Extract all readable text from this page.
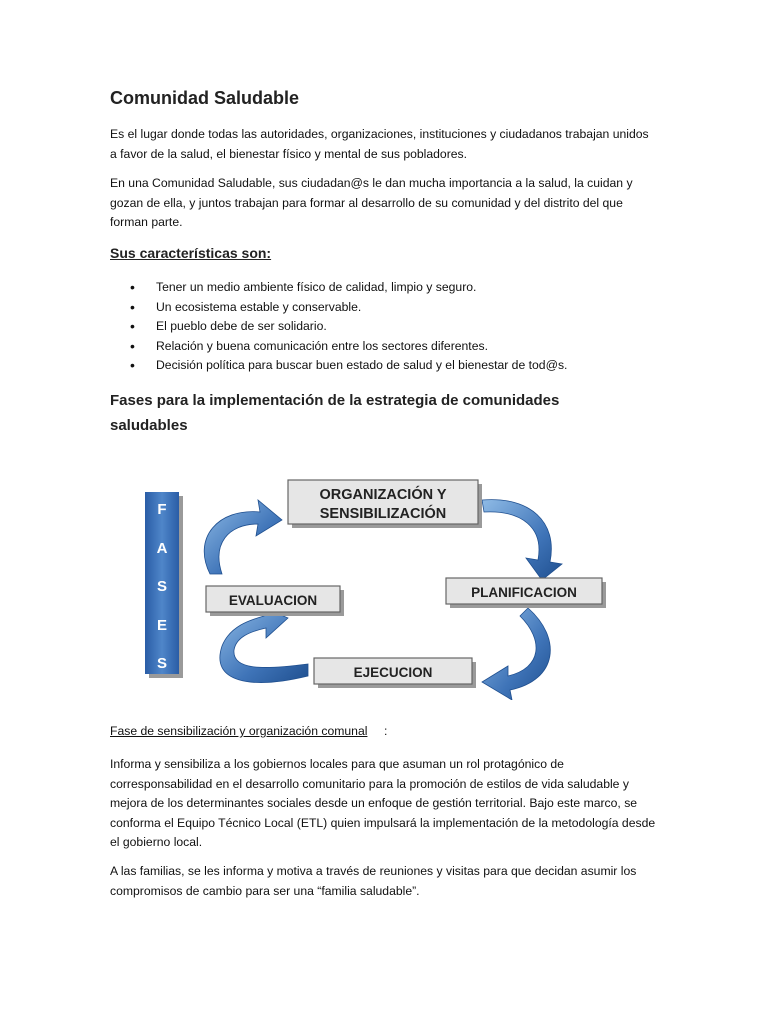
Comunidad Saludable
Es el lugar donde todas las autoridades, organizaciones, instituciones y ciudadanos trabajan unidos a favor de la salud, el bienestar físico y mental de sus pobladores.
En una Comunidad Saludable, sus ciudadan@s le dan mucha importancia a la salud, la cuidan y gozan de ella, y juntos trabajan para formar al desarrollo de su comunidad y del distrito del que forman parte.
Sus características son:
• Tener un medio ambiente físico de calidad, limpio y seguro.
• Un ecosistema estable y conservable.
• El pueblo debe de ser solidario.
• Relación y buena comunicación entre los sectores diferentes.
• Decisión política para buscar buen estado de salud y el bienestar de tod@s.
Fases para la implementación de la estrategia de comunidades saludables
F
A
S
E
S
ORGANIZACIÓN Y
SENSIBILIZACIÓN
PLANIFICACION
EVALUACION
EJECUCION
Fase de sensibilización y organización comunal :
Informa y sensibiliza a los gobiernos locales para que asuman un rol protagónico de corresponsabilidad en el desarrollo comunitario para la promoción de estilos de vida saludable y mejora de los determinantes sociales desde un enfoque de gestión territorial. Bajo este marco, se conforma el Equipo Técnico Local (ETL) quien impulsará la implementación de la metodología desde el gobierno local.
A las familias, se les informa y motiva a través de reuniones y visitas para que decidan asumir los compromisos de cambio para ser una “familia saludable”.
